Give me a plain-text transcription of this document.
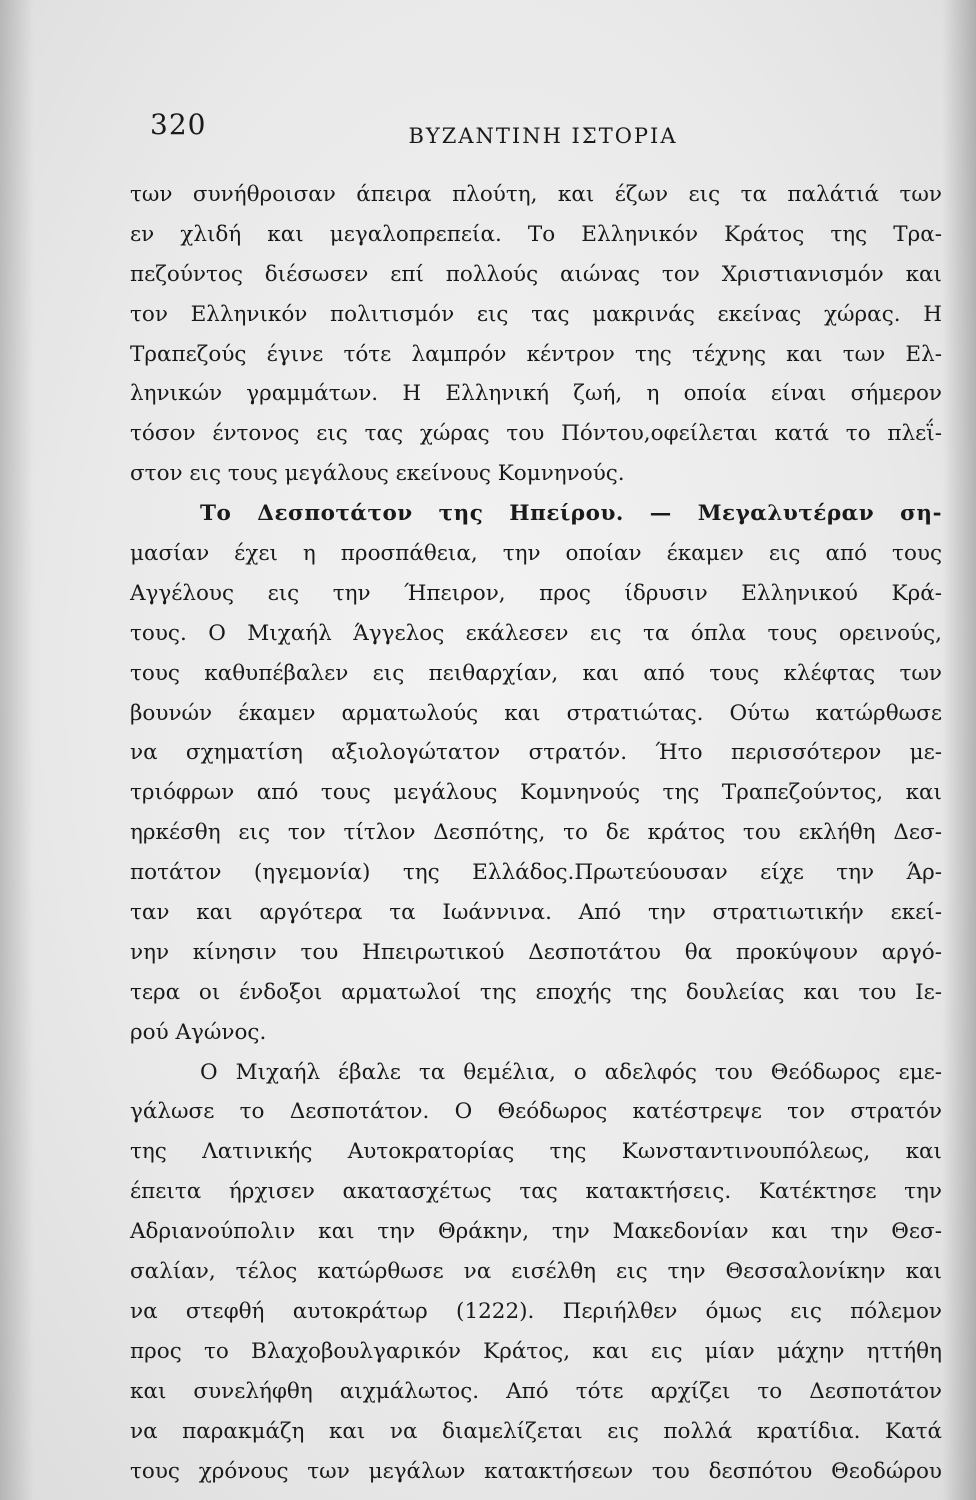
320	ΒΥΖΑΝΤΙΝΗ ΙΣΤΟΡΙΑ
των συνήθροισαν άπειρα πλούτη, και έζων εις τα παλάτιά των
εν χλιδή και μεγαλοπρεπεία. Το Ελληνικόν Κράτος της Τρα-
πεζούντος διέσωσεν επί πολλούς αιώνας τον Χριστιανισμόν και
τον Ελληνικόν πολιτισμόν εις τας μακρινάς εκείνας χώρας. Η
Τραπεζούς έγινε τότε λαμπρόν κέντρον της τέχνης και των Ελ-
ληνικών γραμμάτων. Η Ελληνική ζωή, η οποία είναι σήμερον
τόσον έντονος εις τας χώρας του Πόντου,οφείλεται κατά το πλεΐ-
στον εις τους μεγάλους εκείνους Κομνηνούς.
Το Δεσποτάτον της Ηπείρου. — Μεγαλυτέραν ση-
μασίαν έχει η προσπάθεια, την οποίαν έκαμεν εις από τους
Αγγέλους εις την Ήπειρον, προς ίδρυσιν Ελληνικού Κρά-
τους. Ο Μιχαήλ Άγγελος εκάλεσεν εις τα όπλα τους ορεινούς,
τους καθυπέβαλεν εις πειθαρχίαν, και από τους κλέφτας των
βουνών έκαμεν αρματωλούς και στρατιώτας. Ούτω κατώρθωσε
να σχηματίση αξιολογώτατον στρατόν. Ήτο περισσότερον με-
τριόφρων από τους μεγάλους Κομνηνούς της Τραπεζούντος, και
ηρκέσθη εις τον τίτλον Δεσπότης, το δε κράτος του εκλήθη Δεσ-
ποτάτον (ηγεμονία) της Ελλάδος.Πρωτεύουσαν είχε την Άρ-
ταν και αργότερα τα Ιωάννινα. Από την στρατιωτικήν εκεί-
νην κίνησιν του Ηπειρωτικού Δεσποτάτου θα προκύψουν αργό-
τερα οι ένδοξοι αρματωλοί της εποχής της δουλείας και του Ιε-
ρού Αγώνος.
Ο Μιχαήλ έβαλε τα θεμέλια, ο αδελφός του Θεόδωρος εμε-
γάλωσε το Δεσποτάτον. Ο Θεόδωρος κατέστρεψε τον στρατόν
της Λατινικής Αυτοκρατορίας της Κωνσταντινουπόλεως, και
έπειτα ήρχισεν ακατασχέτως τας κατακτήσεις. Κατέκτησε την
Αδριανούπολιν και την Θράκην, την Μακεδονίαν και την Θεσ-
σαλίαν, τέλος κατώρθωσε να εισέλθη εις την Θεσσαλονίκην και
να στεφθή αυτοκράτωρ (1222). Περιήλθεν όμως εις πόλεμον
προς το Βλαχοβουλγαρικόν Κράτος, και εις μίαν μάχην ηττήθη
και συνελήφθη αιχμάλωτος. Από τότε αρχίζει το Δεσποτάτον
να παρακμάζη και να διαμελίζεται εις πολλά κρατίδια. Κατά
τους χρόνους των μεγάλων κατακτήσεων του δεσπότου Θεοδώρου
